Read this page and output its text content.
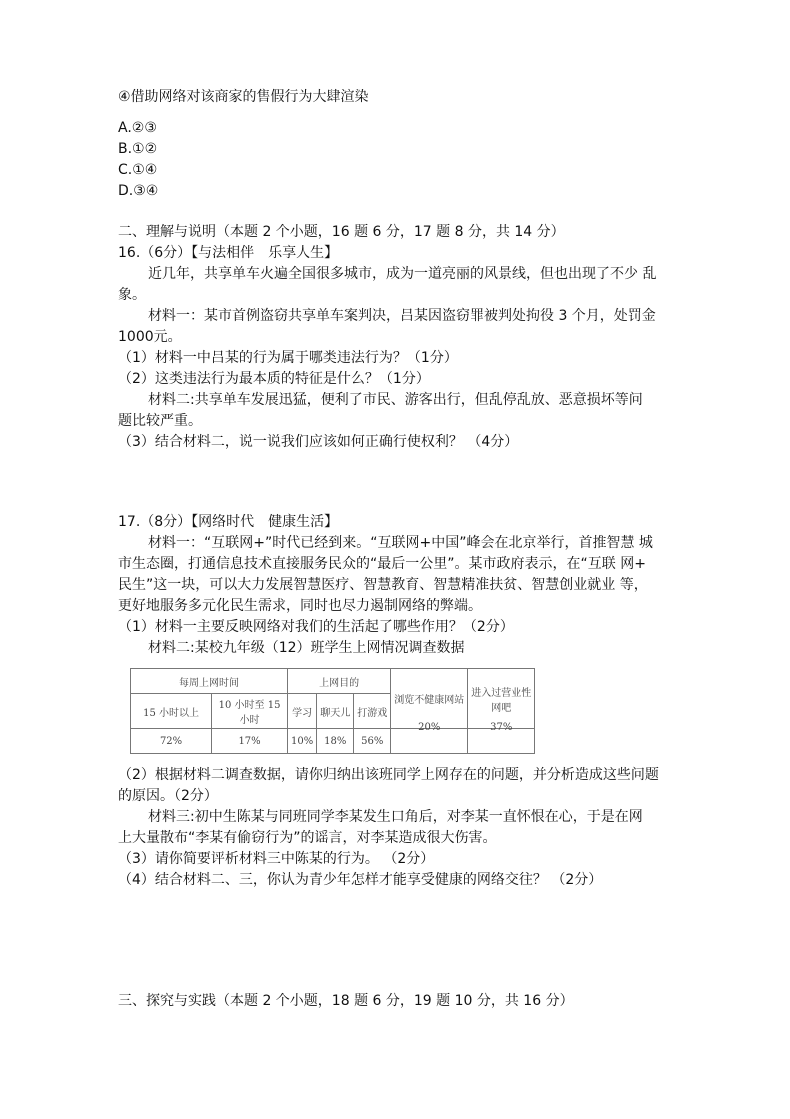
④借助网络对该商家的售假行为大肆渲染
A.②③
B.①②
C.①④
D.③④
二、理解与说明（本题 2 个小题，16 题 6 分，17 题 8 分，共 14 分）
16.（6分）【与法相伴　乐享人生】
近几年，共享单车火遍全国很多城市，成为一道亮丽的风景线，但也出现了不少 乱
象。
材料一：某市首例盗窃共享单车案判决，吕某因盗窃罪被判处拘役 3 个月，处罚金
1000元。
（1）材料一中吕某的行为属于哪类违法行为？（1分）
（2）这类违法行为最本质的特征是什么？（1分）
材料二:共享单车发展迅猛，便利了市民、游客出行，但乱停乱放、恶意损坏等问
题比较严重。
（3）结合材料二，说一说我们应该如何正确行使权利？ （4分）
17.（8分）【网络时代　健康生活】
材料一：“互联网+”时代已经到来。“互联网+中国”峰会在北京举行，首推智慧 城
市生态圈，打通信息技术直接服务民众的“最后一公里”。某市政府表示，在“互联 网+
民生”这一块，可以大力发展智慧医疗、智慧教育、智慧精准扶贫、智慧创业就业 等，
更好地服务多元化民生需求，同时也尽力遏制网络的弊端。
（1）材料一主要反映网络对我们的生活起了哪些作用？（2分）
材料二:某校九年级（12）班学生上网情况调查数据
每周上网时间		上网目的			浏览不健康网站	进入过营业性网吧
15 小时以上	10 小时至 15 小时	学习	聊天儿	打游戏		
72%	17%	10%	18%	56%	20%	37%
（2）根据材料二调查数据，请你归纳出该班同学上网存在的问题，并分析造成这些问题
的原因。（2分）
材料三:初中生陈某与同班同学李某发生口角后，对李某一直怀恨在心，于是在网
上大量散布“李某有偷窃行为”的谣言，对李某造成很大伤害。
（3）请你简要评析材料三中陈某的行为。 （2分）
（4）结合材料二、三，你认为青少年怎样才能享受健康的网络交往？ （2分）
三、探究与实践（本题 2 个小题，18 题 6 分，19 题 10 分，共 16 分）
